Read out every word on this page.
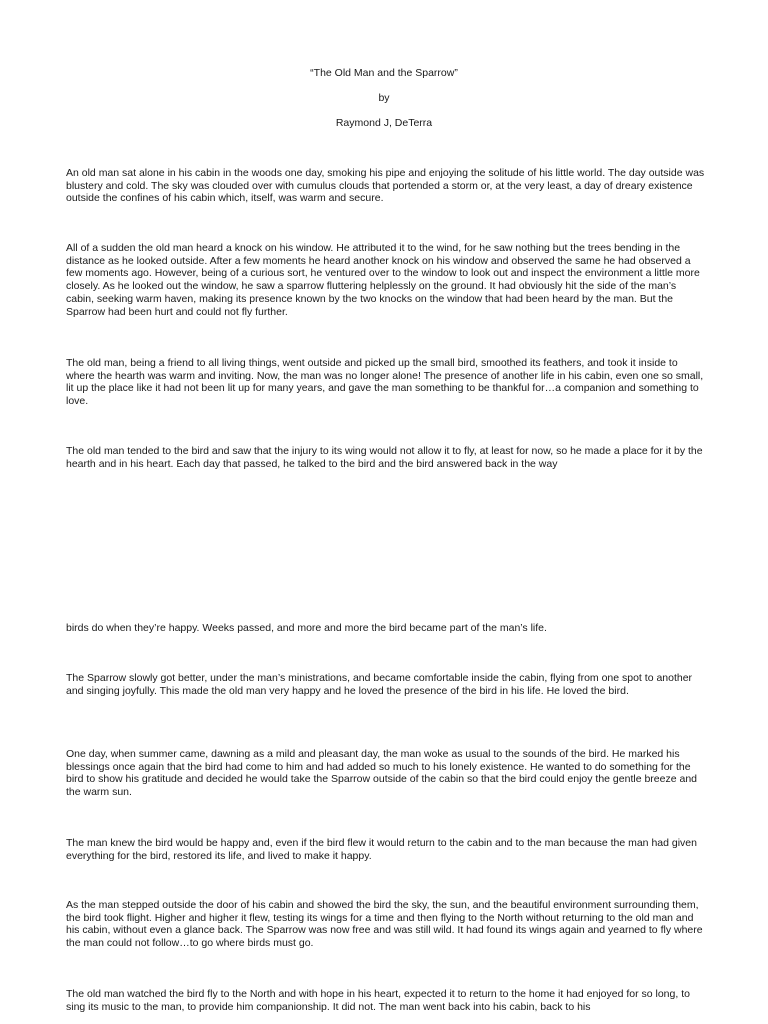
“The Old Man and the Sparrow”

by

Raymond J, DeTerra

An old man sat alone in his cabin in the woods one day, smoking his pipe and enjoying the solitude of his little world. The day outside was blustery and cold. The sky was clouded over with cumulus clouds that portended a storm or, at the very least, a day of dreary existence outside the confines of his cabin which, itself, was warm and secure.

All of a sudden the old man heard a knock on his window. He attributed it to the wind, for he saw nothing but the trees bending in the distance as he looked outside. After a few moments he heard another knock on his window and observed the same he had observed a few moments ago. However, being of a curious sort, he ventured over to the window to look out and inspect the environment a little more closely. As he looked out the window, he saw a sparrow fluttering helplessly on the ground. It had obviously hit the side of the man’s cabin, seeking warm haven, making its presence known by the two knocks on the window that had been heard by the man. But the Sparrow had been hurt and could not fly further.

The old man, being a friend to all living things, went outside and picked up the small bird, smoothed its feathers, and took it inside to where the hearth was warm and inviting. Now, the man was no longer alone! The presence of another life in his cabin, even one so small, lit up the place like it had not been lit up for many years, and gave the man something to be thankful for…a companion and something to love.

The old man tended to the bird and saw that the injury to its wing would not allow it to fly, at least for now, so he made a place for it by the hearth and in his heart. Each day that passed, he talked to the bird and the bird answered back in the way

birds do when they’re happy. Weeks passed, and more and more the bird became part of the man’s life.

The Sparrow slowly got better, under the man’s ministrations, and became comfortable inside the cabin, flying from one spot to another and singing joyfully. This made the old man very happy and he loved the presence of the bird in his life. He loved the bird.

One day, when summer came, dawning as a mild and pleasant day, the man woke as usual to the sounds of the bird. He marked his blessings once again that the bird had come to him and had added so much to his lonely existence. He wanted to do something for the bird to show his gratitude and decided he would take the Sparrow outside of the cabin so that the bird could enjoy the gentle breeze and the warm sun.

The man knew the bird would be happy and, even if the bird flew it would return to the cabin and to the man because the man had given everything for the bird, restored its life, and lived to make it happy.

As the man stepped outside the door of his cabin and showed the bird the sky, the sun, and the beautiful environment surrounding them, the bird took flight. Higher and higher it flew, testing its wings for a time and then flying to the North without returning to the old man and his cabin, without even a glance back. The Sparrow was now free and was still wild. It had found its wings again and yearned to fly where the man could not follow…to go where birds must go.

The old man watched the bird fly to the North and with hope in his heart, expected it to return to the home it had enjoyed for so long, to sing its music to the man, to provide him companionship. It did not. The man went back into his cabin, back to his
